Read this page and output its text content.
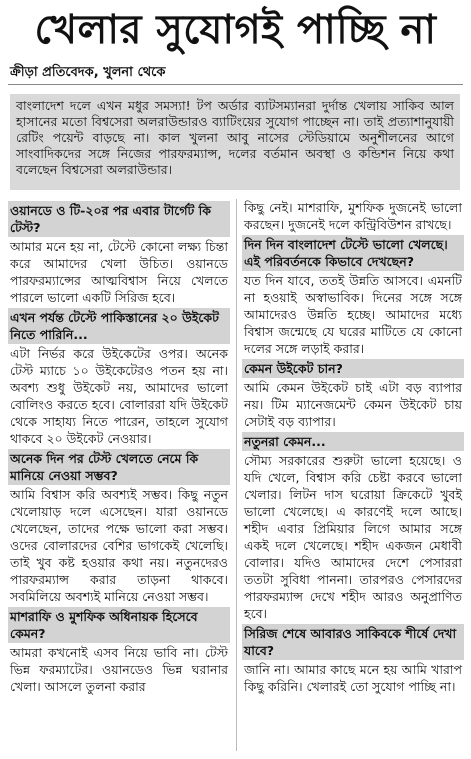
খেলার সুযোগই পাচ্ছি না
ক্রীড়া প্রতিবেদক, খুলনা থেকে
বাংলাদেশ দলে এখন মধুর সমস্যা! টপ অর্ডার ব্যাটসম্যানরা দুর্দান্ত খেলায় সাকিব আল হাসানের মতো বিশ্বসেরা অলরাউন্ডারও ব্যাটিংয়ের সুযোগ পাচ্ছেন না। তাই প্রত্যাশানুযায়ী রেটিং পয়েন্ট বাড়ছে না। কাল খুলনা আবু নাসের স্টেডিয়ামে অনুশীলনের আগে সাংবাদিকদের সঙ্গে নিজের পারফরম্যান্স, দলের বর্তমান অবস্থা ও কন্ডিশন নিয়ে কথা বলেছেন বিশ্বসেরা অলরাউন্ডার।
ওয়ানডে ও টি-২০র পর এবার টার্গেট কি টেস্ট?
আমার মনে হয় না, টেস্টে কোনো লক্ষ্য চিন্তা করে আমাদের খেলা উচিত। ওয়ানডে পারফরম্যান্সের আত্মবিশ্বাস নিয়ে খেলতে পারলে ভালো একটি সিরিজ হবে।
এখন পর্যন্ত টেস্টে পাকিস্তানের ২০ উইকেট নিতে পারিনি...
এটা নির্ভর করে উইকেটের ওপর। অনেক টেস্ট ম্যাচে ১০ উইকেটেরও পতন হয় না। অবশ্য শুধু উইকেট নয়, আমাদের ভালো বোলিংও করতে হবে। বোলাররা যদি উইকেট থেকে সাহায্য নিতে পারেন, তাহলে সুযোগ থাকবে ২০ উইকেট নেওয়ার।
অনেক দিন পর টেস্ট খেলতে নেমে কি মানিয়ে নেওয়া সম্ভব?
আমি বিশ্বাস করি অবশ্যই সম্ভব। কিছু নতুন খেলোয়াড় দলে এসেছেন। যারা ওয়ানডে খেলেছেন, তাদের পক্ষে ভালো করা সম্ভব। ওদের বোলারদের বেশির ভাগকেই খেলেছি। তাই খুব কষ্ট হওয়ার কথা নয়। নতুনদেরও পারফরম্যান্স করার তাড়না থাকবে। সবমিলিয়ে অবশ্যই মানিয়ে নেওয়া সম্ভব।
মাশরাফি ও মুশফিক অধিনায়ক হিসেবে কেমন?
আমরা কখনোই এসব নিয়ে ভাবি না। টেস্ট ভিন্ন ফরম্যাটের। ওয়ানডেও ভিন্ন ঘরানার খেলা। আসলে তুলনা করার
কিছু নেই। মাশরাফি, মুশফিক দুজনেই ভালো করছেন। দুজনেই দলে কন্ট্রিবিউশন রাখছে।
দিন দিন বাংলাদেশ টেস্টে ভালো খেলছে। এই পরিবর্তনকে কিভাবে দেখছেন?
যত দিন যাবে, ততই উন্নতি আসবে। এমনটি না হওয়াই অস্বাভাবিক। দিনের সঙ্গে সঙ্গে আমাদেরও উন্নতি হচ্ছে। আমাদের মধ্যে বিশ্বাস জন্মেছে যে ঘরের মাটিতে যে কোনো দলের সঙ্গে লড়াই করার।
কেমন উইকেট চান?
আমি কেমন উইকেট চাই এটা বড় ব্যাপার নয়। টিম ম্যানেজমেন্ট কেমন উইকেট চায় সেটাই বড় ব্যাপার।
নতুনরা কেমন...
সৌম্য সরকারের শুরুটা ভালো হয়েছে। ও যদি খেলে, বিশ্বাস করি চেষ্টা করবে ভালো খেলার। লিটন দাস ঘরোয়া ক্রিকেটে খুবই ভালো খেলেছে। এ কারণেই দলে আছে। শহীদ এবার প্রিমিয়ার লিগে আমার সঙ্গে একই দলে খেলেছে। শহীদ একজন মেধাবী বোলার। যদিও আমাদের দেশে পেসাররা ততটা সুবিধা পাননা। তারপরও পেসারদের পারফরম্যান্স দেখে শহীদ আরও অনুপ্রাণিত হবে।
সিরিজ শেষে আবারও সাকিবকে শীর্ষে দেখা যাবে?
জানি না। আমার কাছে মনে হয় আমি খারাপ কিছু করিনি। খেলারই তো সুযোগ পাচ্ছি না।
